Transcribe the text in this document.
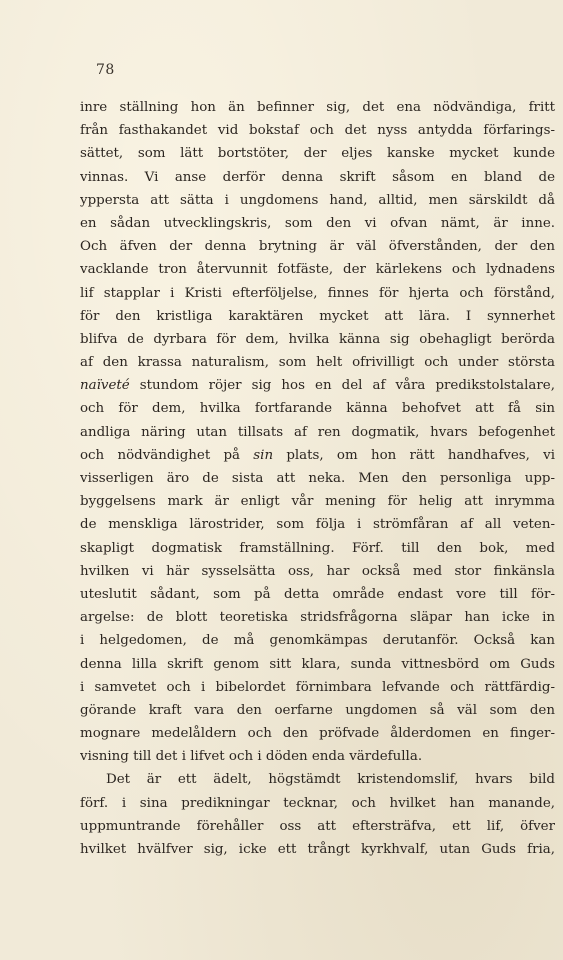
78
inre ställning hon än befinner sig, det ena nödvändiga, fritt
från fasthakandet vid bokstaf och det nyss antydda förfarings-
sättet, som lätt bortstöter, der eljes kanske mycket kunde
vinnas. Vi anse derför denna skrift såsom en bland de
yppersta att sätta i ungdomens hand, alltid, men särskildt då
en sådan utvecklingskris, som den vi ofvan nämt, är inne.
Och äfven der denna brytning är väl öfverstånden, der den
vacklande tron återvunnit fotfäste, der kärlekens och lydnadens
lif stapplar i Kristi efterföljelse, finnes för hjerta och förstånd,
för den kristliga karaktären mycket att lära. I synnerhet
blifva de dyrbara för dem, hvilka känna sig obehagligt berörda
af den krassa naturalism, som helt ofrivilligt och under största
naïveté stundom röjer sig hos en del af våra predikstolstalare,
och för dem, hvilka fortfarande känna behofvet att få sin
andliga näring utan tillsats af ren dogmatik, hvars befogenhet
och nödvändighet på sin plats, om hon rätt handhafves, vi
visserligen äro de sista att neka. Men den personliga upp-
byggelsens mark är enligt vår mening för helig att inrymma
de menskliga lärostrider, som följa i strömfåran af all veten-
skapligt dogmatisk framställning. Förf. till den bok, med
hvilken vi här sysselsätta oss, har också med stor finkänsla
uteslutit sådant, som på detta område endast vore till för-
argelse: de blott teoretiska stridsfrågorna släpar han icke in
i helgedomen, de må genomkämpas derutanför. Också kan
denna lilla skrift genom sitt klara, sunda vittnesbörd om Guds
i samvetet och i bibelordet förnimbara lefvande och rättfärdig-
görande kraft vara den oerfarne ungdomen så väl som den
mognare medelåldern och den pröfvade ålderdomen en finger-
visning till det i lifvet och i döden enda värdefulla.
Det är ett ädelt, högstämdt kristendomslif, hvars bild
förf. i sina predikningar tecknar, och hvilket han manande,
uppmuntrande förehåller oss att eftersträfva, ett lif, öfver
hvilket hvälfver sig, icke ett trångt kyrkhvalf, utan Guds fria,
